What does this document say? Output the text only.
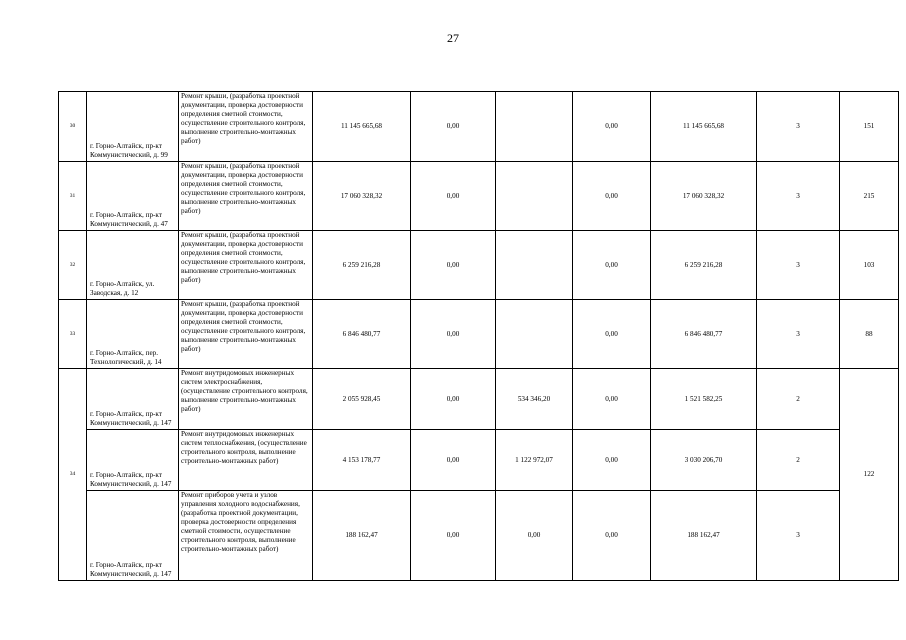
27
30	г. Горно-Алтайск, пр-кт Коммунистический, д. 99	Ремонт крыши, (разработка проектной документации, проверка достоверности определения сметной стоимости, осуществление строительного контроля, выполнение строительно-монтажных работ)	11 145 665,68	0,00		0,00	11 145 665,68	3	151
31	г. Горно-Алтайск, пр-кт Коммунистический, д. 47	Ремонт крыши, (разработка проектной документации, проверка достоверности определения сметной стоимости, осуществление строительного контроля, выполнение строительно-монтажных работ)	17 060 328,32	0,00		0,00	17 060 328,32	3	215
32	г. Горно-Алтайск, ул. Заводская, д. 12	Ремонт крыши, (разработка проектной документации, проверка достоверности определения сметной стоимости, осуществление строительного контроля, выполнение строительно-монтажных работ)	6 259 216,28	0,00		0,00	6 259 216,28	3	103
33	г. Горно-Алтайск, пер. Технологический, д. 14	Ремонт крыши, (разработка проектной документации, проверка достоверности определения сметной стоимости, осуществление строительного контроля, выполнение строительно-монтажных работ)	6 846 480,77	0,00		0,00	6 846 480,77	3	88
34	г. Горно-Алтайск, пр-кт Коммунистический, д. 147	Ремонт внутридомовых инженерных систем электроснабжения, (осуществление строительного контроля, выполнение строительно-монтажных работ)	2 055 928,45	0,00	534 346,20	0,00	1 521 582,25	2	122
	г. Горно-Алтайск, пр-кт Коммунистический, д. 147	Ремонт внутридомовых инженерных систем теплоснабжения, (осуществление строительного контроля, выполнение строительно-монтажных работ)	4 153 178,77	0,00	1 122 972,07	0,00	3 030 206,70	2	
	г. Горно-Алтайск, пр-кт Коммунистический, д. 147	Ремонт приборов учета и узлов управления холодного водоснабжения, (разработка проектной документации, проверка достоверности определения сметной стоимости, осуществление строительного контроля, выполнение строительно-монтажных работ)	188 162,47	0,00	0,00	0,00	188 162,47	3	
